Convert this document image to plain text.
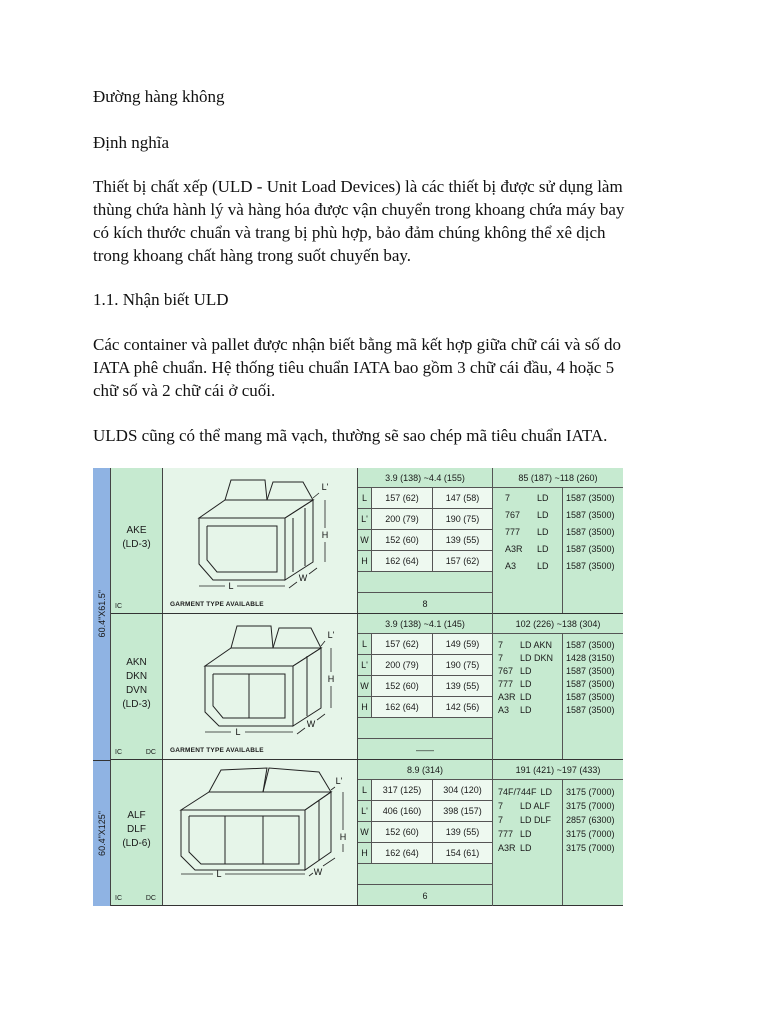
Đường hàng không
Định nghĩa
Thiết bị chất xếp (ULD - Unit Load Devices) là các thiết bị được sử dụng làm
thùng chứa hành lý và hàng hóa được vận chuyển trong khoang chứa máy bay
có kích thước chuẩn và trang bị phù hợp, bảo đảm chúng không thể xê dịch
trong khoang chất hàng trong suốt chuyến bay.
1.1. Nhận biết ULD
Các container và pallet được nhận biết bằng mã kết hợp giữa chữ cái và số do
IATA phê chuẩn. Hệ thống tiêu chuẩn IATA bao gồm 3 chữ cái đầu, 4 hoặc 5
chữ số và 2 chữ cái ở cuối.
ULDS cũng có thể mang mã vạch, thường sẽ sao chép mã tiêu chuẩn IATA.
AKE
(LD-3)
IC
L
W
H
L'
GARMENT TYPE AVAILABLE
3.9 (138) ~4.4 (155)
L	157 (62)	147 (58)
L'	200 (79)	190 (75)
W	152 (60)	139 (55)
H	162 (64)	157 (62)
8
85 (187) ~118 (260)
7	LD 1587 (3500)
767	LD 1587 (3500)
777	LD 1587 (3500)
A3R	LD 1587 (3500)
A3	LD 1587 (3500)
AKN
DKN
DVN
(LD-3)
IC	DC
L
W
H
L'
GARMENT TYPE AVAILABLE
3.9 (138) ~4.1 (145)
L	157 (62)	149 (59)
L'	200 (79)	190 (75)
W	152 (60)	139 (55)
H	162 (64)	142 (56)
——
102 (226) ~138 (304)
7	LD AKN 1587 (3500)
7	LD DKN 1428 (3150)
767 LD	1587 (3500)
777 LD	1587 (3500)
A3R LD	1587 (3500)
A3	LD	1587 (3500)
ALF
DLF
(LD-6)
IC	DC
L	W
H
L'
8.9 (314)
L	317 (125)	304 (120)
L'	406 (160)	398 (157)
W	152 (60)	139 (55)
H	162 (64)	154 (61)
6
191 (421) ~197 (433)
74F/744F LD 3175 (7000)
7	LD ALF 3175 (7000)
7	LD DLF 2857 (6300)
777 LD	3175 (7000)
A3R LD	3175 (7000)
60.4"X61.5"
60.4"X125"
